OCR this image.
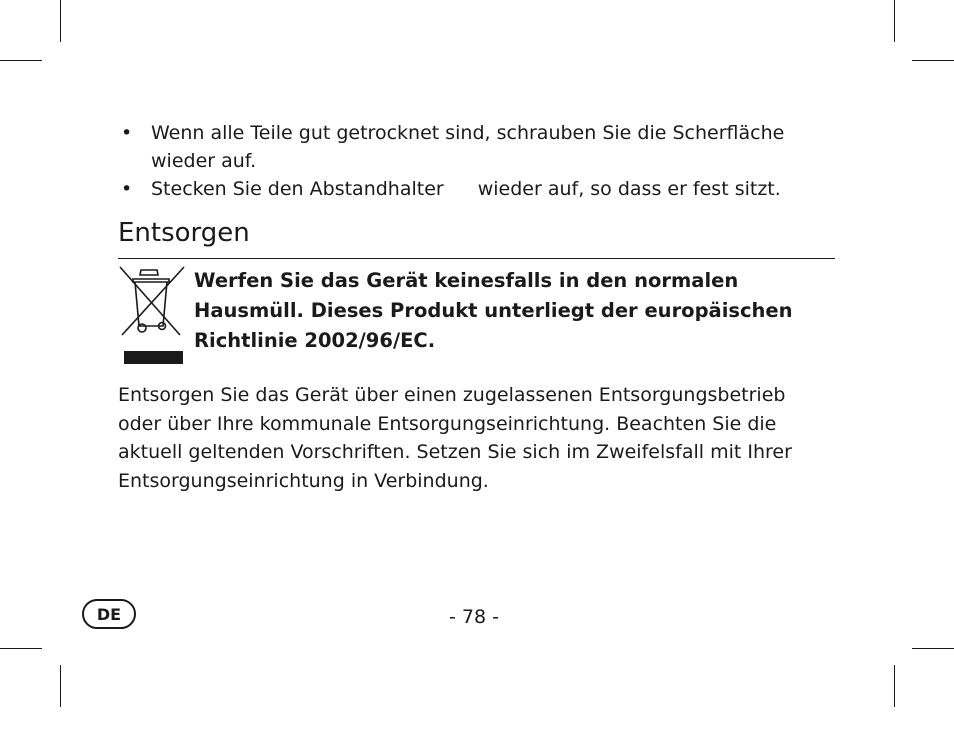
• Wenn alle Teile gut getrocknet sind, schrauben Sie die Scherfläche wieder auf.
• Stecken Sie den Abstandhalter wieder auf, so dass er fest sitzt.
Entsorgen
Werfen Sie das Gerät keinesfalls in den normalen Hausmüll. Dieses Produkt unterliegt der europäischen Richtlinie 2002/96/EC.
Entsorgen Sie das Gerät über einen zugelassenen Entsorgungsbetrieb oder über Ihre kommunale Entsorgungseinrichtung. Beachten Sie die aktuell geltenden Vorschriften. Setzen Sie sich im Zweifelsfall mit Ihrer Entsorgungseinrichtung in Verbindung.
DE	- 78 -
